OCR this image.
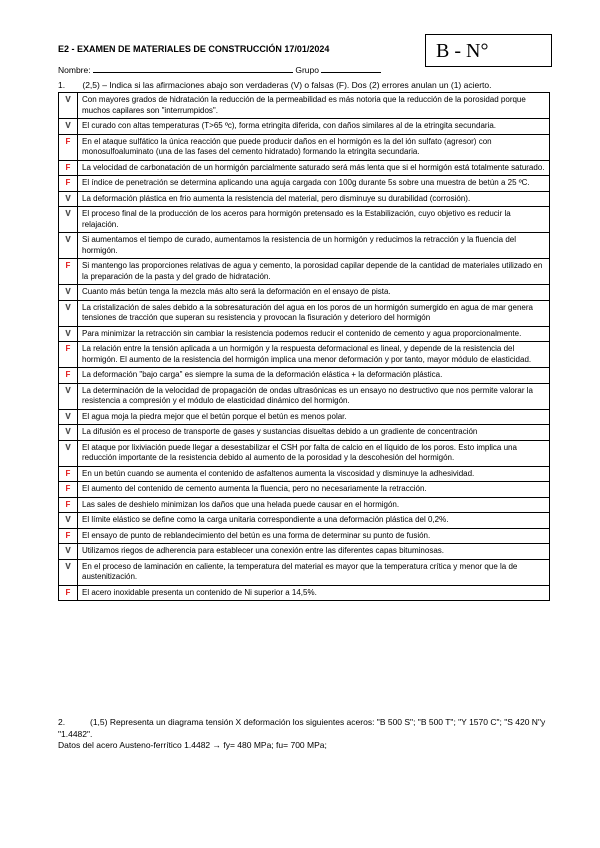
E2 - EXAMEN DE MATERIALES DE CONSTRUCCIÓN 17/01/2024	B - N°
Nombre:	Grupo
1. (2,5) – Indica si las afirmaciones abajo son verdaderas (V) o falsas (F). Dos (2) errores anulan un (1) acierto.
V	Con mayores grados de hidratación la reducción de la permeabilidad es más notoria que la reducción de la porosidad porque muchos capilares son "interrumpidos".
V	El curado con altas temperaturas (T>65 ºc), forma etringita diferida, con daños similares al de la etringita secundaria.
F	En el ataque sulfático la única reacción que puede producir daños en el hormigón es la del ión sulfato (agresor) con monosulfoaluminato (una de las fases del cemento hidratado) formando la etringita secundaria.
F	La velocidad de carbonatación de un hormigón parcialmente saturado será más lenta que si el hormigón está totalmente saturado.
F	El índice de penetración se determina aplicando una aguja cargada con 100g durante 5s sobre una muestra de betún a 25 ºC.
V	La deformación plástica en frio aumenta la resistencia del material, pero disminuye su durabilidad (corrosión).
V	El proceso final de la producción de los aceros para hormigón pretensado es la Estabilización, cuyo objetivo es reducir la relajación.
V	Si aumentamos el tiempo de curado, aumentamos la resistencia de un hormigón y reducimos la retracción y la fluencia del hormigón.
F	Si mantengo las proporciones relativas de agua y cemento, la porosidad capilar depende de la cantidad de materiales utilizado en la preparación de la pasta y del grado de hidratación.
V	Cuanto más betún tenga la mezcla más alto será la deformación en el ensayo de pista.
V	La cristalización de sales debido a la sobresaturación del agua en los poros de un hormigón sumergido en agua de mar genera tensiones de tracción que superan su resistencia y provocan la fisuración y deterioro del hormigón
V	Para minimizar la retracción sin cambiar la resistencia podemos reducir el contenido de cemento y agua proporcionalmente.
F	La relación entre la tensión aplicada a un hormigón y la respuesta deformacional es lineal, y depende de la resistencia del hormigón. El aumento de la resistencia del hormigón implica una menor deformación y por tanto, mayor módulo de elasticidad.
F	La deformación "bajo carga" es siempre la suma de la deformación elástica + la deformación plástica.
V	La determinación de la velocidad de propagación de ondas ultrasónicas es un ensayo no destructivo que nos permite valorar la resistencia a compresión y el módulo de elasticidad dinámico del hormigón.
V	El agua moja la piedra mejor que el betún porque el betún es menos polar.
V	La difusión es el proceso de transporte de gases y sustancias disueltas debido a un gradiente de concentración
V	El ataque por lixiviación puede llegar a desestabilizar el CSH por falta de calcio en el líquido de los poros. Esto implica una reducción importante de la resistencia debido al aumento de la porosidad y la descohesión del hormigón.
F	En un betún cuando se aumenta el contenido de asfaltenos aumenta la viscosidad y disminuye la adhesividad.
F	El aumento del contenido de cemento aumenta la fluencia, pero no necesariamente la retracción.
F	Las sales de deshielo minimizan los daños que una helada puede causar en el hormigón.
V	El límite elástico se define como la carga unitaria correspondiente a una deformación plástica del 0,2%.
F	El ensayo de punto de reblandecimiento del betún es una forma de determinar su punto de fusión.
V	Utilizamos riegos de adherencia para establecer una conexión entre las diferentes capas bituminosas.
V	En el proceso de laminación en caliente, la temperatura del material es mayor que la temperatura crítica y menor que la de austenitización.
F	El acero inoxidable presenta un contenido de Ni superior a 14,5%.
2.	(1,5) Representa un diagrama tensión X deformación los siguientes aceros: "B 500 S"; "B 500 T"; "Y 1570 C"; "S 420 N"y "1.4482".
Datos del acero Austeno-ferrítico 1.4482 → fy= 480 MPa; fu= 700 MPa;
